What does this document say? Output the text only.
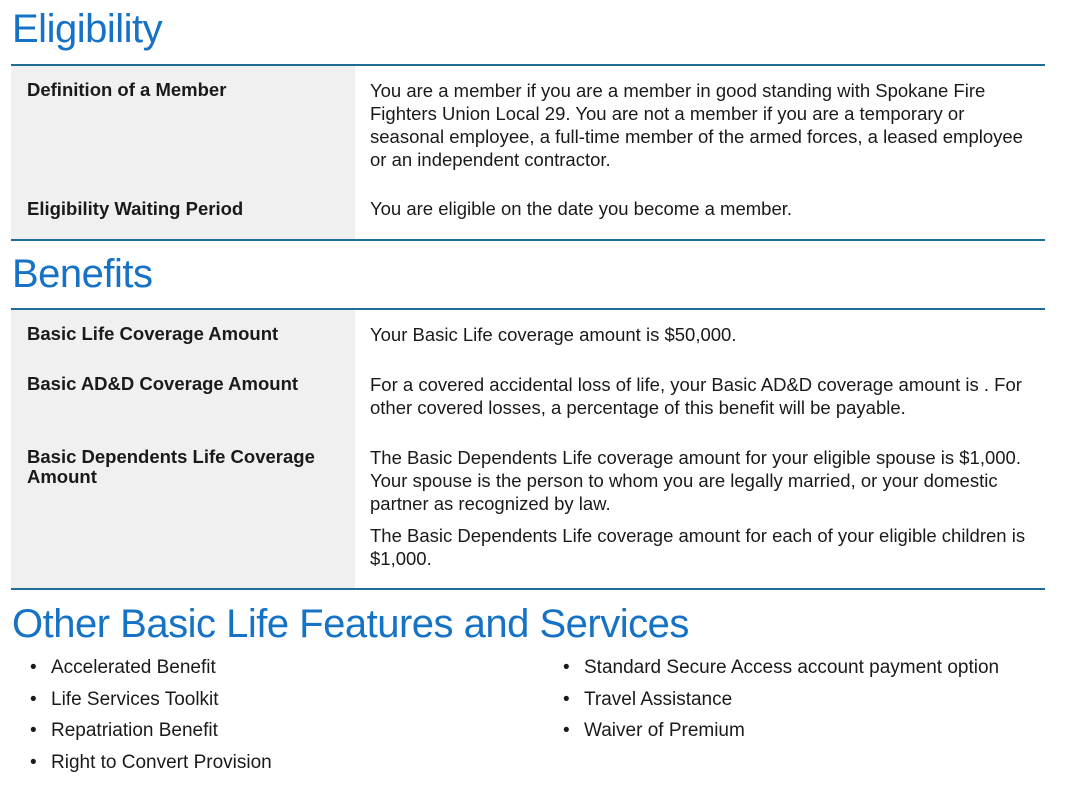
Eligibility
Definition of a Member
Eligibility Waiting Period
You are a member if you are a member in good standing with Spokane Fire Fighters Union Local 29. You are not a member if you are a temporary or seasonal employee, a full-time member of the armed forces, a leased employee or an independent contractor.
You are eligible on the date you become a member.
Benefits
Basic Life Coverage Amount
Basic AD&D Coverage Amount
Basic Dependents Life Coverage Amount
Your Basic Life coverage amount is $50,000.
For a covered accidental loss of life, your Basic AD&D coverage amount is . For other covered losses, a percentage of this benefit will be payable.
The Basic Dependents Life coverage amount for your eligible spouse is $1,000. Your spouse is the person to whom you are legally married, or your domestic partner as recognized by law.
The Basic Dependents Life coverage amount for each of your eligible children is $1,000.
Other Basic Life Features and Services
• Accelerated Benefit
• Life Services Toolkit
• Repatriation Benefit
• Right to Convert Provision
• Standard Secure Access account payment option
• Travel Assistance
• Waiver of Premium
